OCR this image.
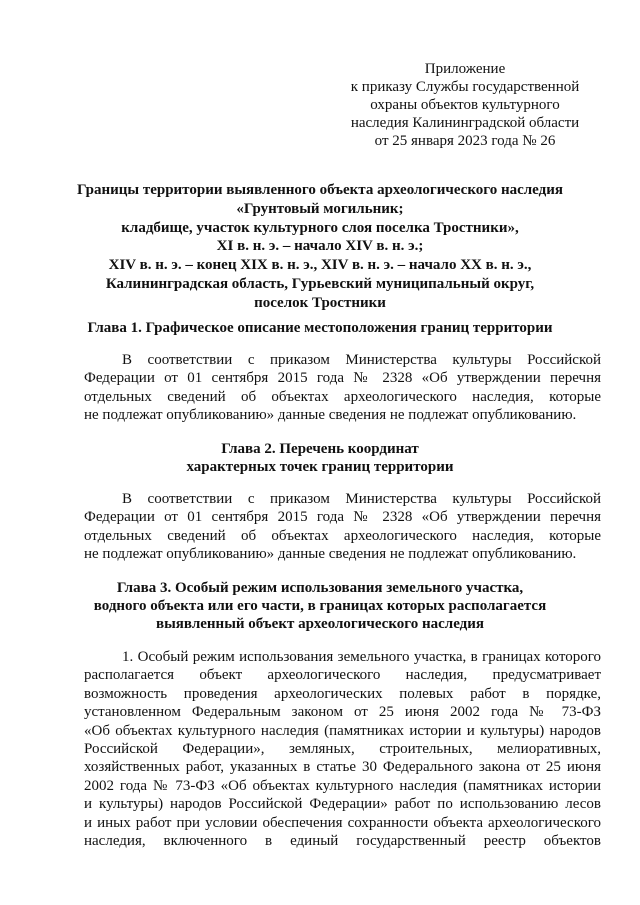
Приложение
к приказу Службы государственной
охраны объектов культурного
наследия Калининградской области
от 25 января 2023 года № 26
Границы территории выявленного объекта археологического наследия
«Грунтовый могильник;
кладбище, участок культурного слоя поселка Тростники»,
XI в. н. э. – начало XIV в. н. э.;
XIV в. н. э. – конец XIX в. н. э., XIV в. н. э. – начало XX в. н. э.,
Калининградская область, Гурьевский муниципальный округ,
поселок Тростники
Глава 1. Графическое описание местоположения границ территории
В соответствии с приказом Министерства культуры Российской
Федерации от 01 сентября 2015 года № 2328 «Об утверждении перечня
отдельных сведений об объектах археологического наследия, которые
не подлежат опубликованию» данные сведения не подлежат опубликованию.
Глава 2. Перечень координат
характерных точек границ территории
В соответствии с приказом Министерства культуры Российской
Федерации от 01 сентября 2015 года № 2328 «Об утверждении перечня
отдельных сведений об объектах археологического наследия, которые
не подлежат опубликованию» данные сведения не подлежат опубликованию.
Глава 3. Особый режим использования земельного участка,
водного объекта или его части, в границах которых располагается
выявленный объект археологического наследия
1. Особый режим использования земельного участка, в границах которого
располагается объект археологического наследия, предусматривает
возможность проведения археологических полевых работ в порядке,
установленном Федеральным законом от 25 июня 2002 года № 73-ФЗ
«Об объектах культурного наследия (памятниках истории и культуры) народов
Российской Федерации», земляных, строительных, мелиоративных,
хозяйственных работ, указанных в статье 30 Федерального закона от 25 июня
2002 года № 73-ФЗ «Об объектах культурного наследия (памятниках истории
и культуры) народов Российской Федерации» работ по использованию лесов
и иных работ при условии обеспечения сохранности объекта археологического
наследия, включенного в единый государственный реестр объектов
